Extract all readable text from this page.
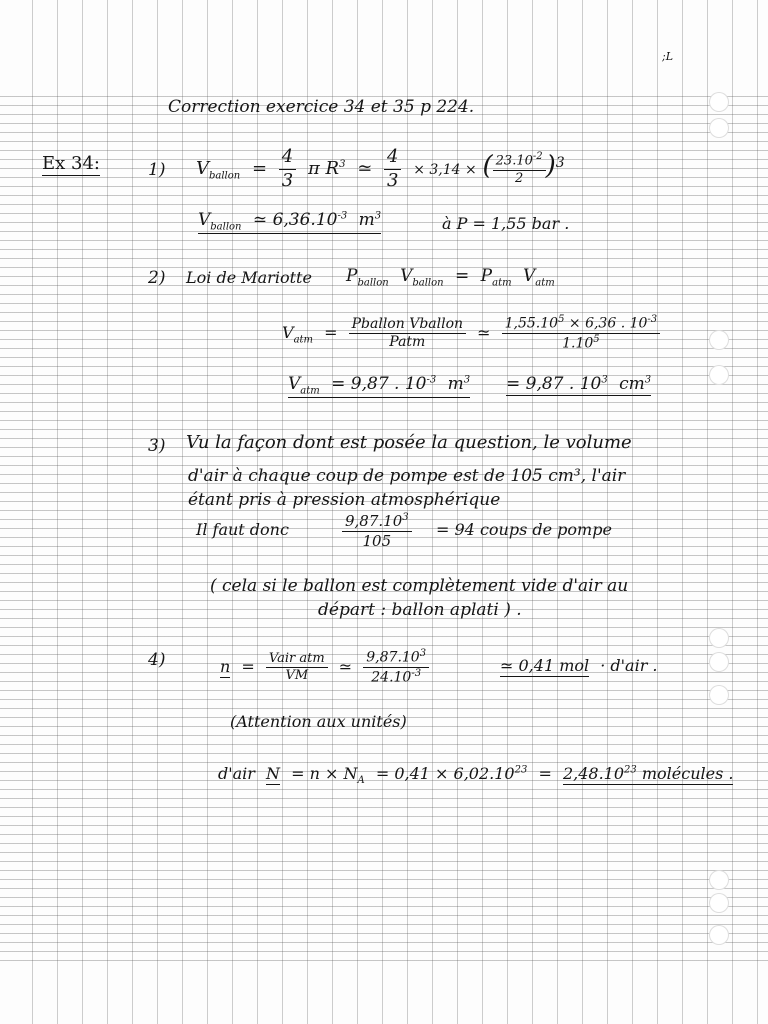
;L
Correction exercice 34 et 35 p 224.
Ex 34:	1) $V_{ballon} = \frac{4}{3}$ π $R^3$ ≃ $\frac{4}{3} \times 3,14$ × ( $\frac{23.10^{-2}}{2} )^3$
$V_{ballon}$ ≃ $6,36.10^{-3}$ $m^3$	à P = 1,55 bar .
2) Loi de Mariotte $P_{ballon}$ $V_{ballon} = P_{atm}$ $V_{atm}$
$V_{atm} = \frac{\text{Pballon Vballon}}{\text{Patm}}$ ≃ $\frac{1,55.10^5 \times 6,36 . 10^{-3}}{1.10^5}$
$V_{atm} = 9,87$ . $10^{-3}$ $m^3 = 9,87$ . $10^3$ $cm^3$
3) Vu la façon dont est posée la question, le volume
d'air à chaque coup de pompe est de 105 cm³, l'air
étant pris à pression atmosphérique
Il faut donc	$\frac{9,87.10^3}{105} = 94$ coups de pompe
( cela si le ballon est complètement vide d'air au
départ : ballon aplati ) .
4)	$n = \frac{\text{Vair atm}}{VM}$ ≃ $\frac{9,87.10^3}{24.10^{-3}}$	≃ 0,41 mol · d'air .
(Attention aux unités)
d'air $N = n \times N_A = 0,41 \times 6,02.10^{23} = 2,48.10^{23}$ molécules .
